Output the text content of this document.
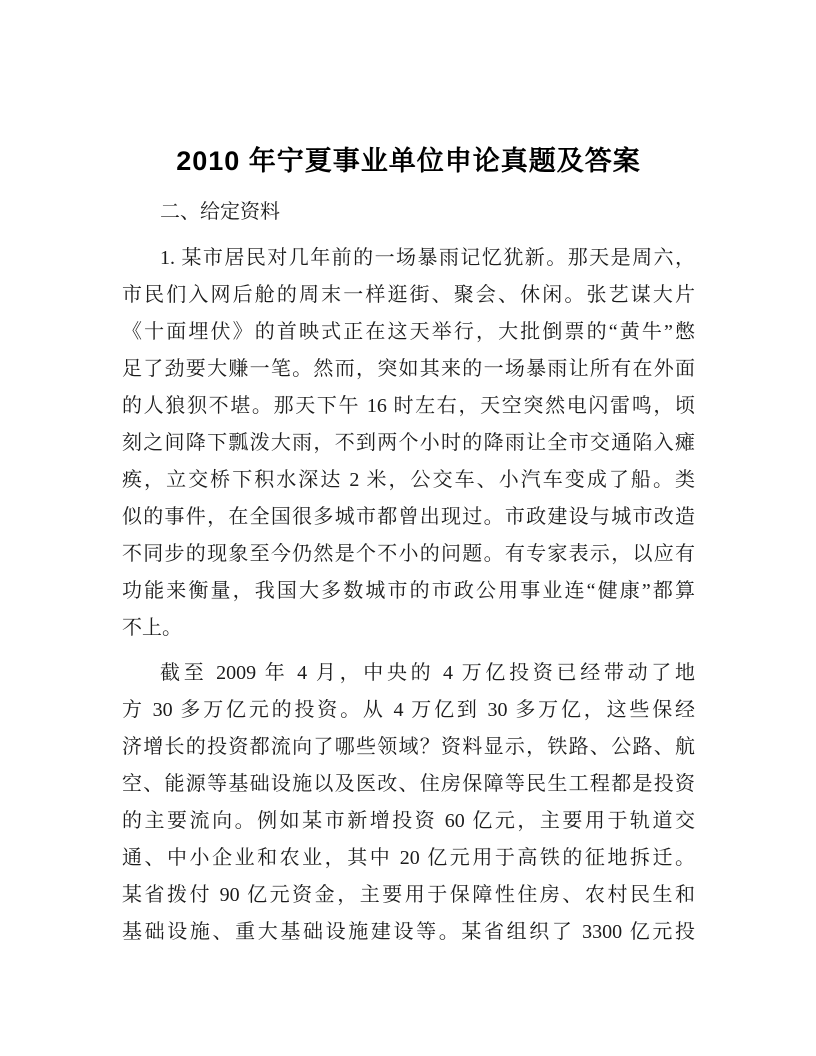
2010 年宁夏事业单位申论真题及答案
二、给定资料
1. 某市居民对几年前的一场暴雨记忆犹新。那天是周六，
市民们入网后舱的周末一样逛街、聚会、休闲。张艺谋大片
《十面埋伏》的首映式正在这天举行，大批倒票的“黄牛”憋
足了劲要大赚一笔。然而，突如其来的一场暴雨让所有在外面
的人狼狈不堪。那天下午 16 时左右，天空突然电闪雷鸣，顷
刻之间降下瓢泼大雨，不到两个小时的降雨让全市交通陷入瘫
痪，立交桥下积水深达 2 米，公交车、小汽车变成了船。类
似的事件，在全国很多城市都曾出现过。市政建设与城市改造
不同步的现象至今仍然是个不小的问题。有专家表示，以应有
功能来衡量，我国大多数城市的市政公用事业连“健康”都算
不上。
截至 2009 年 4 月，中央的 4 万亿投资已经带动了地
方 30 多万亿元的投资。从 4 万亿到 30 多万亿，这些保经
济增长的投资都流向了哪些领域？资料显示，铁路、公路、航
空、能源等基础设施以及医改、住房保障等民生工程都是投资
的主要流向。例如某市新增投资 60 亿元，主要用于轨道交
通、中小企业和农业，其中 20 亿元用于高铁的征地拆迁。
某省拨付 90 亿元资金，主要用于保障性住房、农村民生和
基础设施、重大基础设施建设等。某省组织了 3300 亿元投
